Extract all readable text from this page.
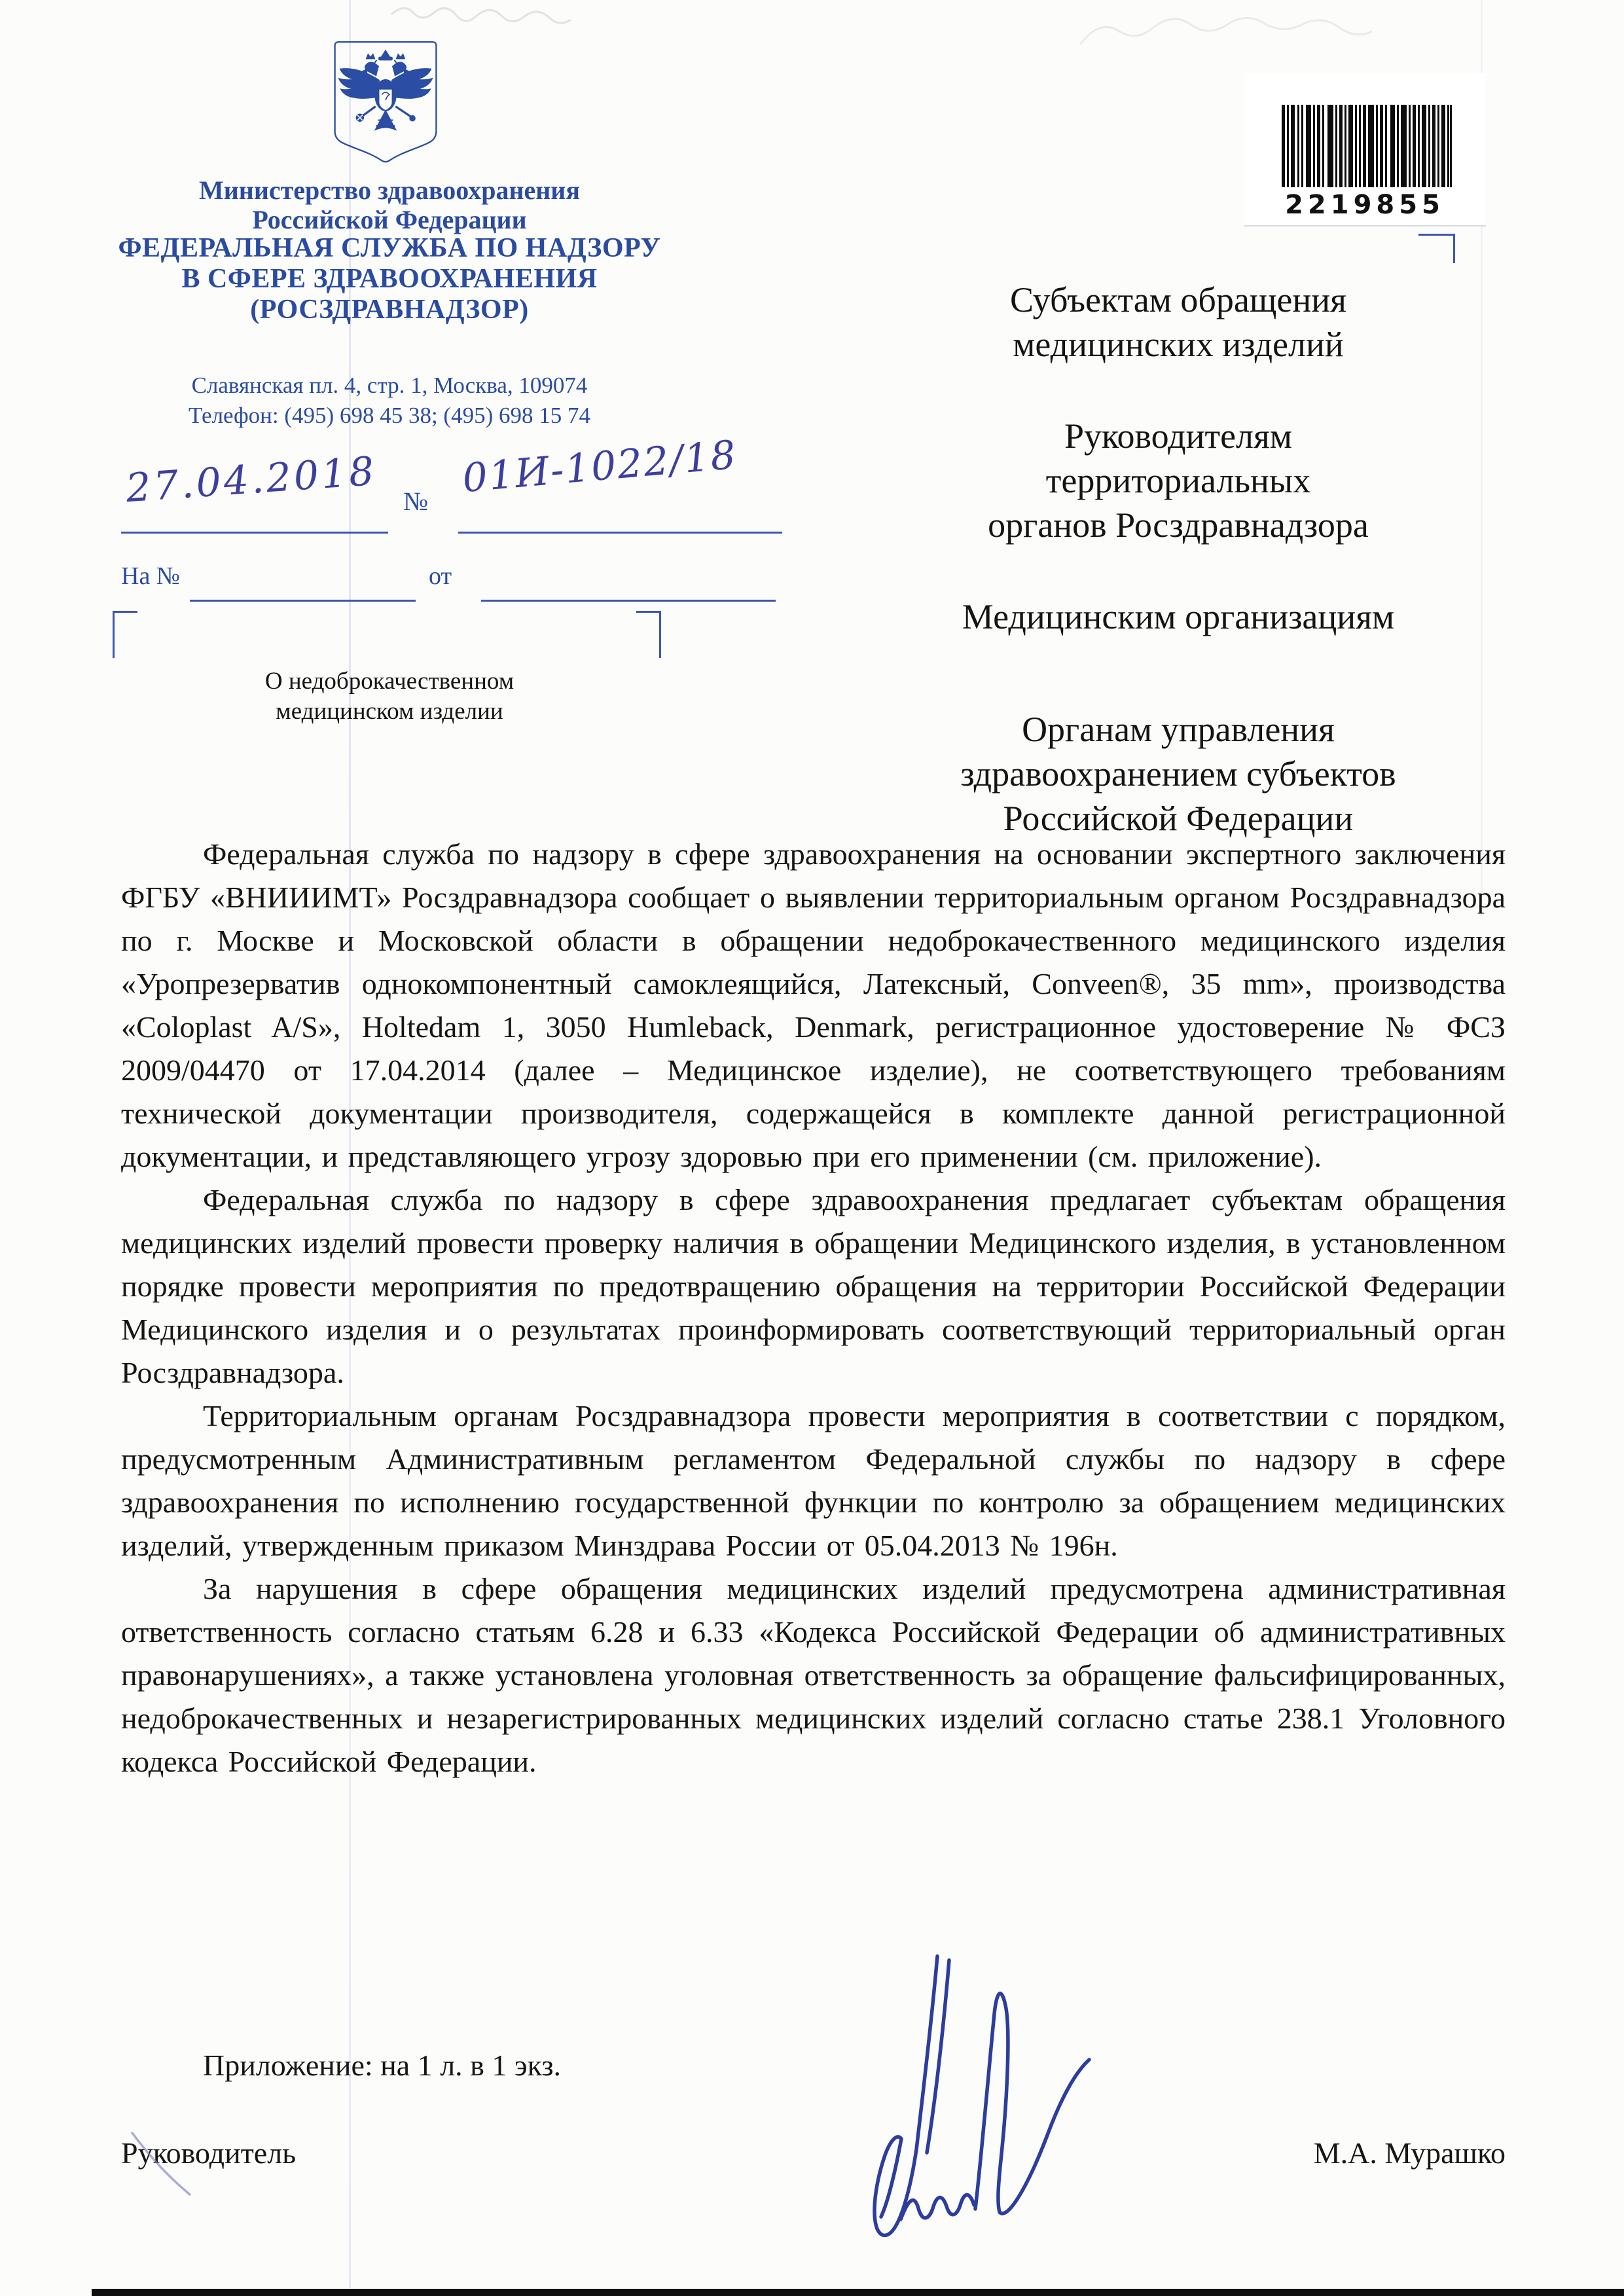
Министерство здравоохранения
Российской Федерации
ФЕДЕРАЛЬНАЯ СЛУЖБА ПО НАДЗОРУ
В СФЕРЕ ЗДРАВООХРАНЕНИЯ
(РОСЗДРАВНАДЗОР)
Славянская пл. 4, стр. 1, Москва, 109074
Телефон: (495) 698 45 38; (495) 698 15 74
2219855
27.04.2018 № 01И-1022/18
На №	от
О недоброкачественном
медицинском изделии
Субъектам обращения
медицинских изделий
Руководителям
территориальных
органов Росздравнадзора
Медицинским организациям
Органам управления
здравоохранением субъектов
Российской Федерации

Федеральная служба по надзору в сфере здравоохранения на основании экспертного заключения ФГБУ «ВНИИИМТ» Росздравнадзора сообщает о выявлении территориальным органом Росздравнадзора по г. Москве и Московской области в обращении недоброкачественного медицинского изделия «Уропрезерватив однокомпонентный самоклеящийся, Латексный, Conveen®, 35 mm», производства «Coloplast A/S», Holtedam 1, 3050 Humleback, Denmark, регистрационное удостоверение № ФСЗ 2009/04470 от 17.04.2014 (далее – Медицинское изделие), не соответствующего требованиям технической документации производителя, содержащейся в комплекте данной регистрационной документации, и представляющего угрозу здоровью при его применении (см. приложение).

Федеральная служба по надзору в сфере здравоохранения предлагает субъектам обращения медицинских изделий провести проверку наличия в обращении Медицинского изделия, в установленном порядке провести мероприятия по предотвращению обращения на территории Российской Федерации Медицинского изделия и о результатах проинформировать соответствующий территориальный орган Росздравнадзора.

Территориальным органам Росздравнадзора провести мероприятия в соответствии с порядком, предусмотренным Административным регламентом Федеральной службы по надзору в сфере здравоохранения по исполнению государственной функции по контролю за обращением медицинских изделий, утвержденным приказом Минздрава России от 05.04.2013 № 196н.

За нарушения в сфере обращения медицинских изделий предусмотрена административная ответственность согласно статьям 6.28 и 6.33 «Кодекса Российской Федерации об административных правонарушениях», а также установлена уголовная ответственность за обращение фальсифицированных, недоброкачественных и незарегистрированных медицинских изделий согласно статье 238.1 Уголовного кодекса Российской Федерации.

Приложение: на 1 л. в 1 экз.
Руководитель	М.А. Мурашко
